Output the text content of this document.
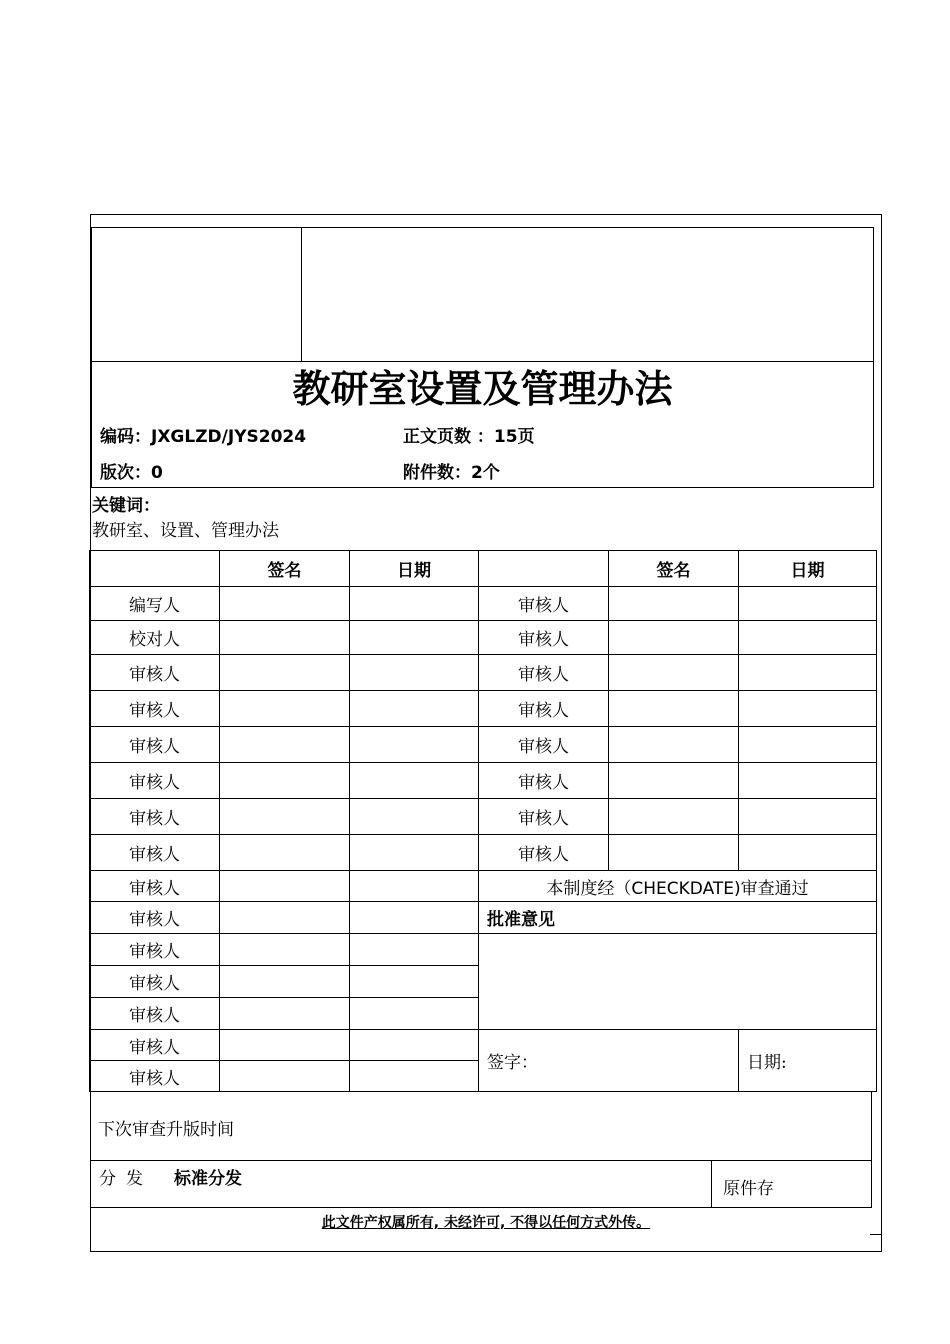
教研室设置及管理办法
编码：JXGLZD/JYS2024	正文页数 ：15页
版次：0	附件数：2个
关键词：
教研室、设置、管理办法
	签名	日期		签名	日期
编写人			审核人		
校对人			审核人		
审核人			审核人		
审核人			审核人		
审核人			审核人		
审核人			审核人		
审核人			审核人		
审核人			审核人		
审核人			本制度经（CHECKDATE)审查通过		
审核人			批准意见		
审核人					
审核人					
审核人					
审核人			签字：		日期:
审核人					
下次审查升版时间
分发 标准分发	原件存
此文件产权属所有, 未经许可, 不得以任何方式外传。
